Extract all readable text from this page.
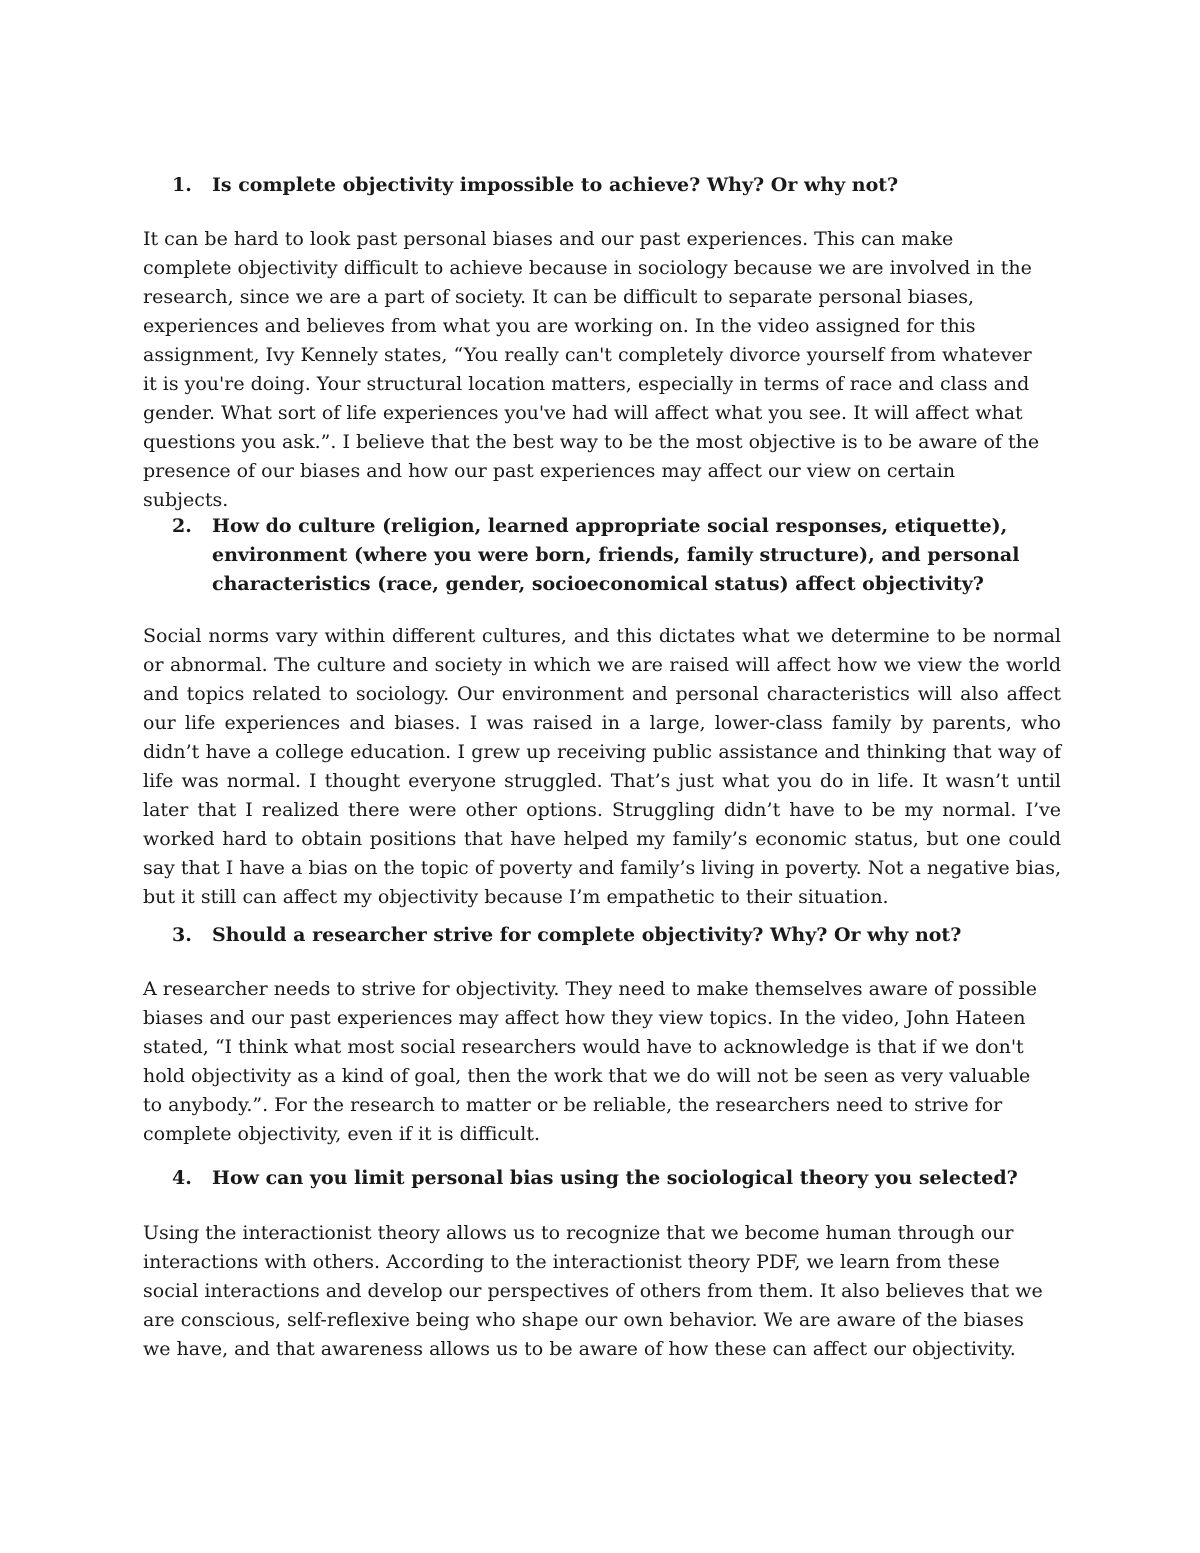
1.	Is complete objectivity impossible to achieve? Why? Or why not?

It can be hard to look past personal biases and our past experiences. This can make complete objectivity difficult to achieve because in sociology because we are involved in the research, since we are a part of society. It can be difficult to separate personal biases, experiences and believes from what you are working on. In the video assigned for this assignment, Ivy Kennely states, “You really can't completely divorce yourself from whatever it is you're doing. Your structural location matters, especially in terms of race and class and gender. What sort of life experiences you've had will affect what you see. It will affect what questions you ask.”. I believe that the best way to be the most objective is to be aware of the presence of our biases and how our past experiences may affect our view on certain subjects.

2.	How do culture (religion, learned appropriate social responses, etiquette), environment (where you were born, friends, family structure), and personal characteristics (race, gender, socioeconomical status) affect objectivity?

Social norms vary within different cultures, and this dictates what we determine to be normal or abnormal. The culture and society in which we are raised will affect how we view the world and topics related to sociology. Our environment and personal characteristics will also affect our life experiences and biases. I was raised in a large, lower-class family by parents, who didn’t have a college education. I grew up receiving public assistance and thinking that way of life was normal. I thought everyone struggled. That’s just what you do in life. It wasn’t until later that I realized there were other options. Struggling didn’t have to be my normal. I’ve worked hard to obtain positions that have helped my family’s economic status, but one could say that I have a bias on the topic of poverty and family’s living in poverty. Not a negative bias, but it still can affect my objectivity because I’m empathetic to their situation.

3.	Should a researcher strive for complete objectivity? Why? Or why not?

A researcher needs to strive for objectivity. They need to make themselves aware of possible biases and our past experiences may affect how they view topics. In the video, John Hateen stated, “I think what most social researchers would have to acknowledge is that if we don't hold objectivity as a kind of goal, then the work that we do will not be seen as very valuable to anybody.”. For the research to matter or be reliable, the researchers need to strive for complete objectivity, even if it is difficult.

4.	How can you limit personal bias using the sociological theory you selected?

Using the interactionist theory allows us to recognize that we become human through our interactions with others. According to the interactionist theory PDF, we learn from these social interactions and develop our perspectives of others from them. It also believes that we are conscious, self-reflexive being who shape our own behavior. We are aware of the biases we have, and that awareness allows us to be aware of how these can affect our objectivity.
